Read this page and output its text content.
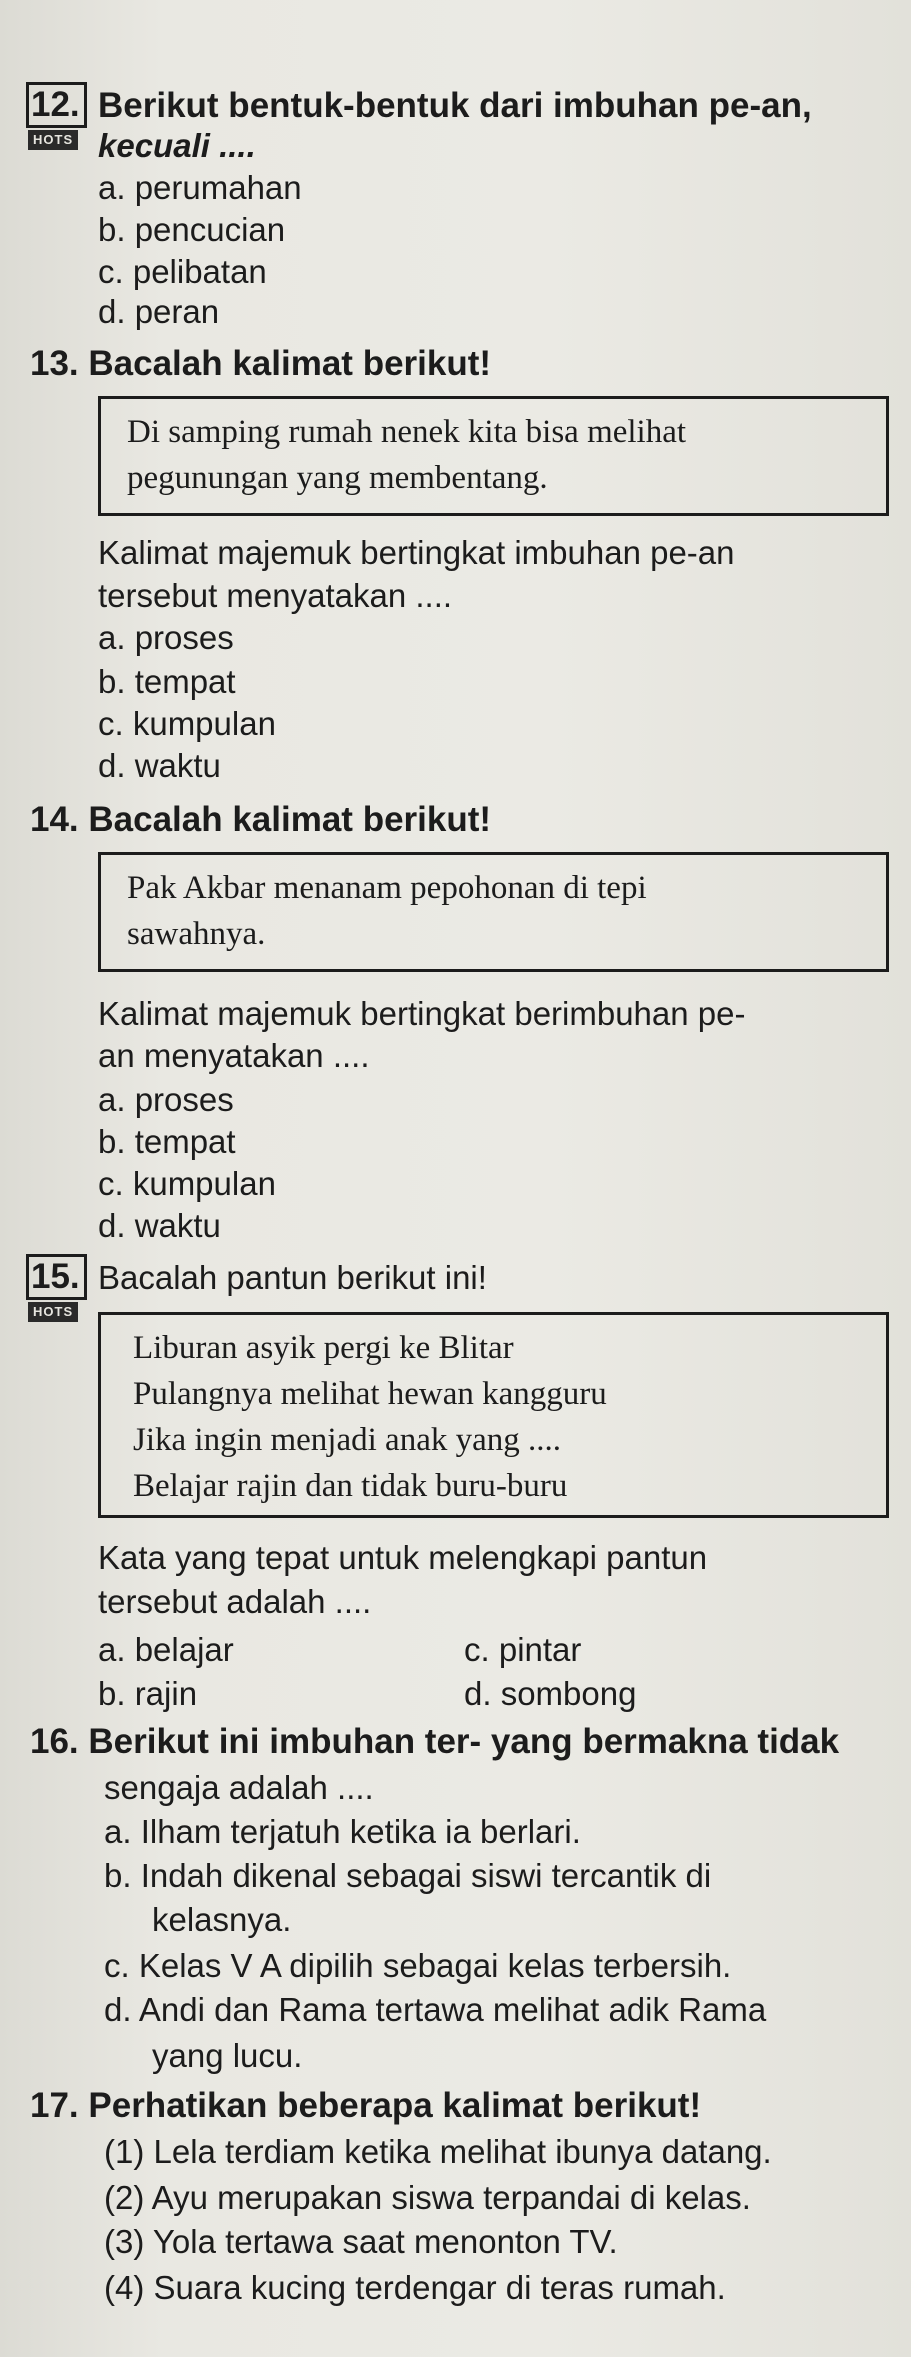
12.
HOTS
Berikut bentuk-bentuk dari imbuhan pe-an,
kecuali ....
a. perumahan
b. pencucian
c. pelibatan
d. peran
13. Bacalah kalimat berikut!
Di samping rumah nenek kita bisa melihat
pegunungan yang membentang.
Kalimat majemuk bertingkat imbuhan pe-an
tersebut menyatakan ....
a. proses
b. tempat
c. kumpulan
d. waktu
14. Bacalah kalimat berikut!
Pak Akbar menanam pepohonan di tepi
sawahnya.
Kalimat majemuk bertingkat berimbuhan pe-
an menyatakan ....
a. proses
b. tempat
c. kumpulan
d. waktu
15.
HOTS
Bacalah pantun berikut ini!
Liburan asyik pergi ke Blitar
Pulangnya melihat hewan kangguru
Jika ingin menjadi anak yang ....
Belajar rajin dan tidak buru-buru
Kata yang tepat untuk melengkapi pantun
tersebut adalah ....
a. belajar
b. rajin
c. pintar
d. sombong
16. Berikut ini imbuhan ter- yang bermakna tidak
sengaja adalah ....
a. Ilham terjatuh ketika ia berlari.
b. Indah dikenal sebagai siswi tercantik di
kelasnya.
c. Kelas V A dipilih sebagai kelas terbersih.
d. Andi dan Rama tertawa melihat adik Rama
yang lucu.
17. Perhatikan beberapa kalimat berikut!
(1) Lela terdiam ketika melihat ibunya datang.
(2) Ayu merupakan siswa terpandai di kelas.
(3) Yola tertawa saat menonton TV.
(4) Suara kucing terdengar di teras rumah.
